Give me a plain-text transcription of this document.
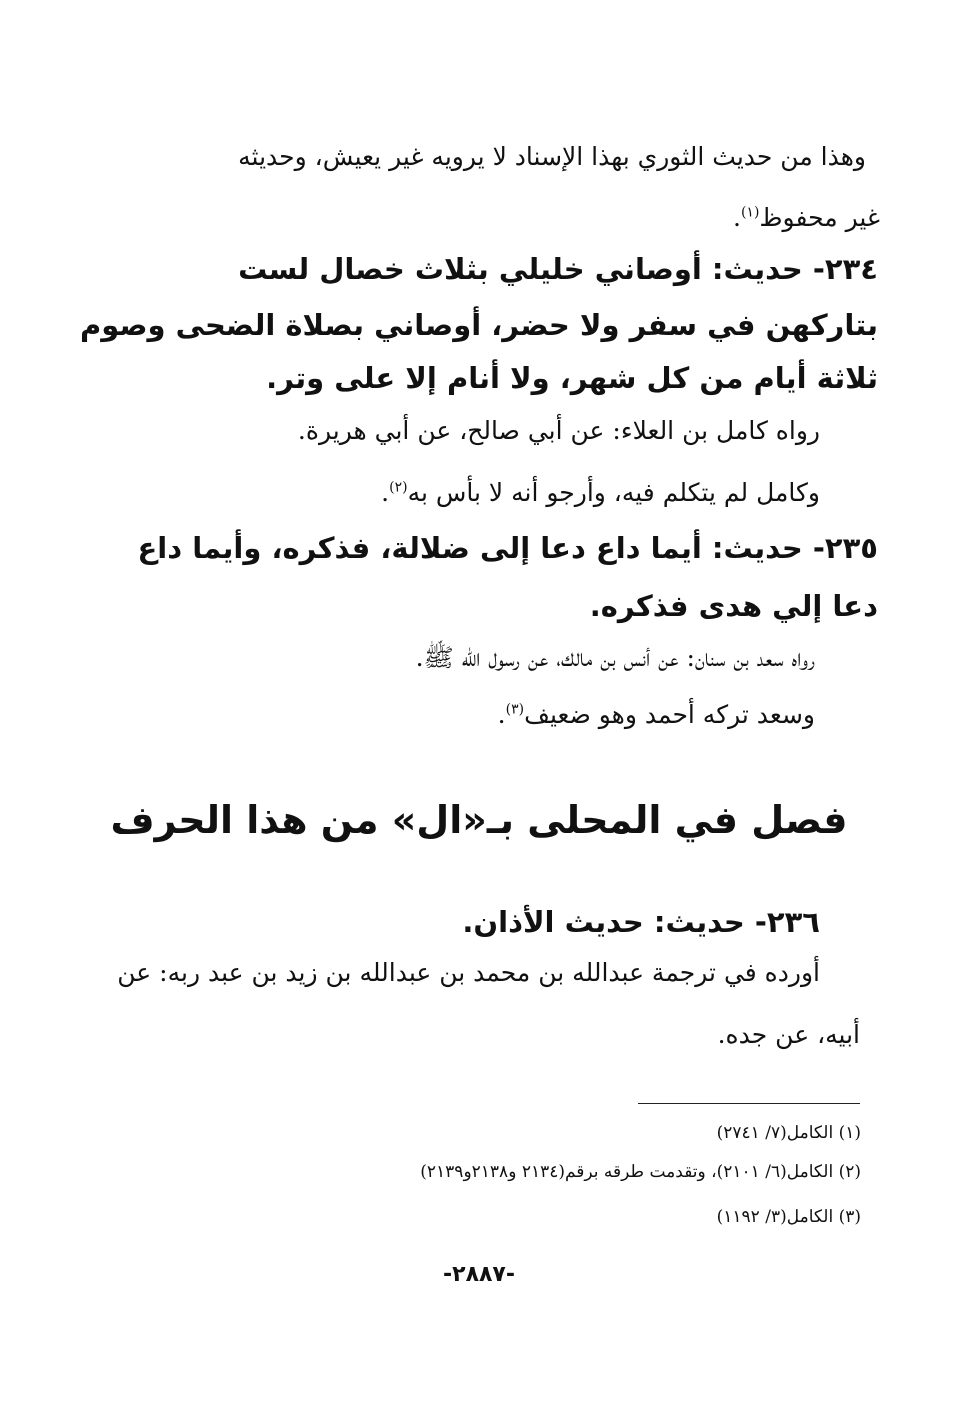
وهذا من حديث الثوري بهذا الإسناد لا يرويه غير يعيش، وحديثه
غير محفوظ$^{(١)}$.
٢٣٤- حديث: أوصاني خليلي بثلاث خصال لست
بتاركهن في سفر ولا حضر، أوصاني بصلاة الضحى وصوم
ثلاثة أيام من كل شهر، ولا أنام إلا على وتر.
رواه كامل بن العلاء: عن أبي صالح، عن أبي هريرة.
وكامل لم يتكلم فيه، وأرجو أنه لا بأس به$^{(٢)}$.
٢٣٥- حديث: أيما داع دعا إلى ضلالة، فذكره، وأيما داع
دعا إلي هدى فذكره.
رواه سعد بن سنان: عن أنس بن مالك، عن رسول الله ﷺ.
وسعد تركه أحمد وهو ضعيف$^{(٣)}$.
فصل في المحلى بـ«ال» من هذا الحرف
٢٣٦- حديث: حديث الأذان.
أورده في ترجمة عبدالله بن محمد بن عبدالله بن زيد بن عبد ربه: عن
أبيه، عن جده.
(١) الكامل(٧/ ٢٧٤١)
(٢) الكامل(٦/ ٢١٠١)، وتقدمت طرقه برقم(٢١٣٤ و٢١٣٨و٢١٣٩)
(٣) الكامل(٣/ ١١٩٢)
-٢٨٨٧-
